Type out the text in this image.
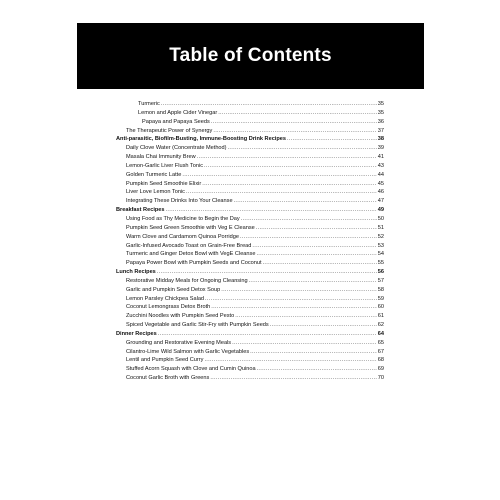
Table of Contents
Turmeric .....	35
Lemon and Apple Cider Vinegar .....	35
Papaya and Papaya Seeds .....	36
The Therapeutic Power of Synergy .....	37
Anti-parasitic, Biofilm-Busting, Immune-Boosting Drink Recipes .....	38
Daily Clove Water (Concentrate Method) .....	39
Masala Chai Immunity Brew .....	41
Lemon-Garlic Liver Flush Tonic .....	43
Golden Turmeric Latte .....	44
Pumpkin Seed Smoothie Elixir .....	45
Liver Love Lemon Tonic .....	46
Integrating These Drinks Into Your Cleanse .....	47
Breakfast Recipes .....	49
Using Food as Thy Medicine to Begin the Day .....	50
Pumpkin Seed Green Smoothie with Veg E Cleanse .....	51
Warm Clove and Cardamom Quinoa Porridge .....	52
Garlic-Infused Avocado Toast on Grain-Free Bread .....	53
Turmeric and Ginger Detox Bowl with VegE Cleanse .....	54
Papaya Power Bowl with Pumpkin Seeds and Coconut .....	55
Lunch Recipes .....	56
Restorative Midday Meals for Ongoing Cleansing .....	57
Garlic and Pumpkin Seed Detox Soup .....	58
Lemon Parsley Chickpea Salad .....	59
Coconut Lemongrass Detox Broth .....	60
Zucchini Noodles with Pumpkin Seed Pesto .....	61
Spiced Vegetable and Garlic Stir-Fry with Pumpkin Seeds .....	62
Dinner Recipes .....	64
Grounding and Restorative Evening Meals .....	65
Cilantro-Lime Wild Salmon with Garlic Vegetables .....	67
Lentil and Pumpkin Seed Curry .....	68
Stuffed Acorn Squash with Clove and Cumin Quinoa .....	69
Coconut Garlic Broth with Greens .....	70
